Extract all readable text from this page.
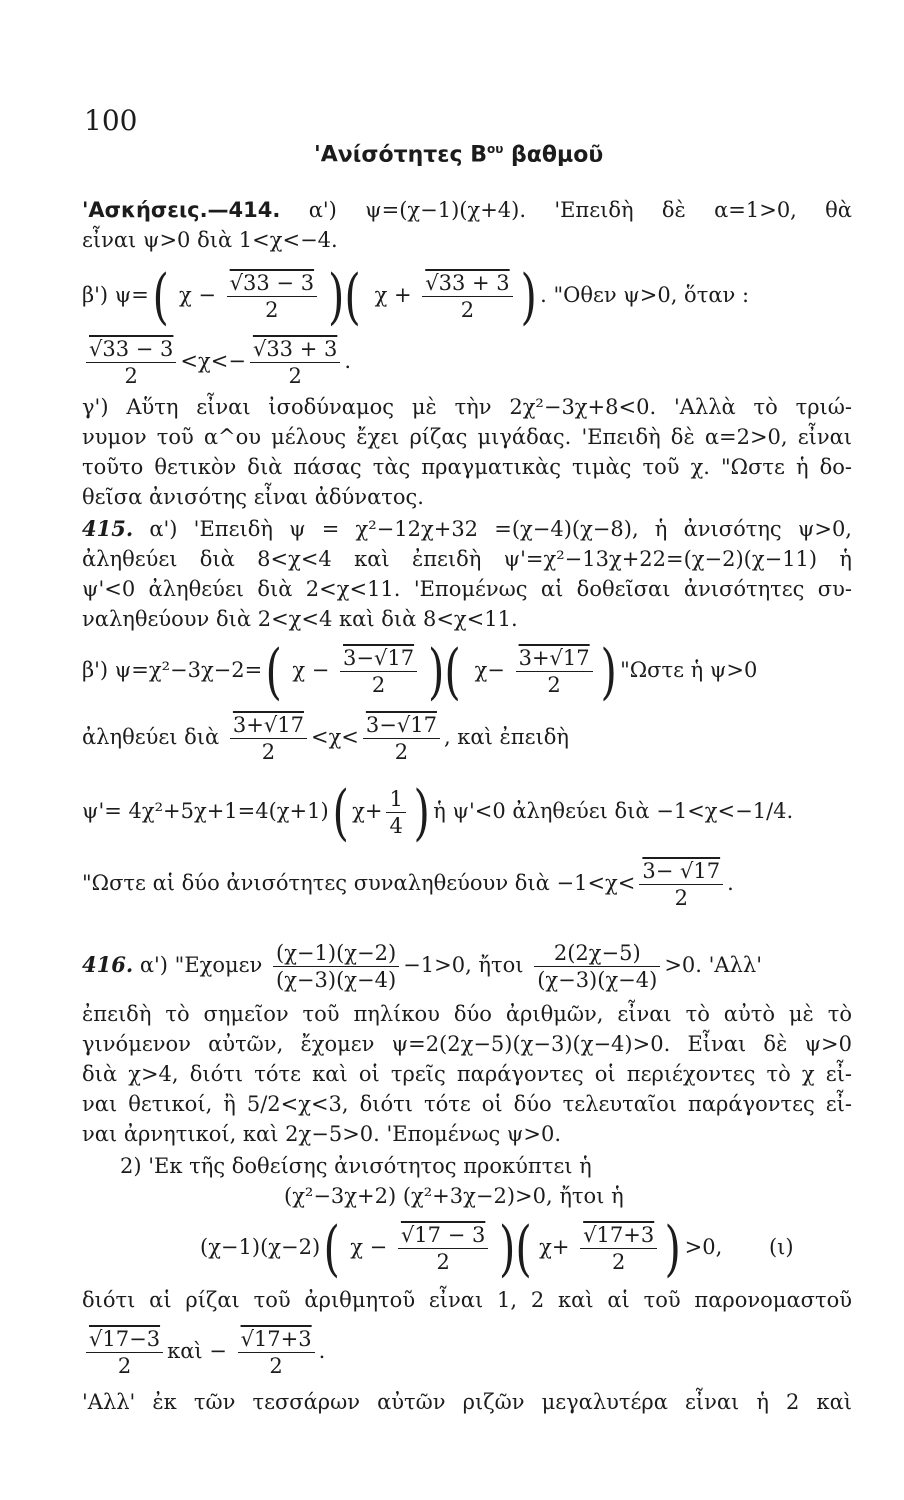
100
'Ανίσότητες $B^{o\upsilon}$ βαθμοῦ
'Ασκήσεις.—414. α') ψ=(χ−1)(χ+4). 'Επειδὴ δὲ α=1>0, θὰ
εἶναι ψ>0 διὰ 1<χ<−4.
β') ψ=( $\chi - \frac{√33 - 3}{2}$ )( $\chi + \frac{√33 + 3}{2}$ ) . "Οθεν ψ>0, ὅταν :
$\frac{√33 - 3}{2} <\chi<- \frac{√33 + 3}{2}$ .
γ') Αὕτη εἶναι ἰσοδύναμος μὲ τὴν 2χ²−3χ+8<0. 'Αλλὰ τὸ τριώ-
νυμον τοῦ α^ου μέλους ἔχει ρίζας μιγάδας. 'Επειδὴ δὲ α=2>0, εἶναι
τοῦτο θετικὸν διὰ πάσας τὰς πραγματικὰς τιμὰς τοῦ χ. "Ωστε ἡ δο-
θεῖσα ἀνισότης εἶναι ἀδύνατος.
415. α') 'Επειδὴ ψ = χ²−12χ+32 =(χ−4)(χ−8), ἡ ἀνισότης ψ>0,
ἀληθεύει διὰ 8<χ<4 καὶ ἐπειδὴ ψ'=χ²−13χ+22=(χ−2)(χ−11) ἡ
ψ'<0 ἀληθεύει διὰ 2<χ<11. 'Επομένως αἱ δοθεῖσαι ἀνισότητες συ-
ναληθεύουν διὰ 2<χ<4 καὶ διὰ 8<χ<11.
β') ψ=χ²−3χ−2=( $\chi - \frac{3-√17}{2}$ )( $\chi- \frac{3+√17}{2}$ ) "Ωστε ἡ ψ>0
ἀληθεύει διὰ $\frac{3+√17}{2} <\chi< \frac{3-√17}{2}$ , καὶ ἐπειδὴ
ψ'= 4χ²+5χ+1=4(χ+1)( $\chi+ \frac{1}{4}$ ) ἡ ψ'<0 ἀληθεύει διὰ −1<χ<−1/4.
"Ωστε αἱ δύο ἀνισότητες συναληθεύουν διὰ $-1<\chi< \frac{3- √17}{2}$ .
416. α') "$E\chi o\mu\varepsilon\nu \frac{(\chi-1)(\chi-2)}{(\chi-3)(\chi-4)} -1>0$, ἤτοι $\frac{2(2\chi-5)}{(\chi-3)(\chi-4)} >0$. 'Αλλ'
ἐπειδὴ τὸ σημεῖον τοῦ πηλίκου δύο ἀριθμῶν, εἶναι τὸ αὐτὸ μὲ τὸ
γινόμενον αὐτῶν, ἔχομεν ψ=2(2χ−5)(χ−3)(χ−4)>0. Εἶναι δὲ ψ>0
διὰ χ>4, διότι τότε καὶ οἱ τρεῖς παράγοντες οἱ περιέχοντες τὸ χ εἶ-
ναι θετικοί, ἢ 5/2<χ<3, διότι τότε οἱ δύο τελευταῖοι παράγοντες εἶ-
ναι ἀρνητικοί, καὶ 2χ−5>0. 'Επομένως ψ>0.
2) 'Εκ τῆς δοθείσης ἀνισότητος προκύπτει ἡ
(χ²−3χ+2) (χ²+3χ−2)>0, ἤτοι ἡ
(χ−1)(χ−2)( $\chi - \frac{√17 - 3}{2}$ )( $\chi+ \frac{√17+3}{2}$ ) >0, (ι)
διότι αἱ ρίζαι τοῦ ἀριθμητοῦ εἶναι 1, 2 καὶ αἱ τοῦ παρονομαστοῦ
$\frac{√17-3}{2}$ καὶ − $\frac{√17+3}{2}$ .
'Αλλ' ἐκ τῶν τεσσάρων αὐτῶν ριζῶν μεγαλυτέρα εἶναι ἡ 2 καὶ
